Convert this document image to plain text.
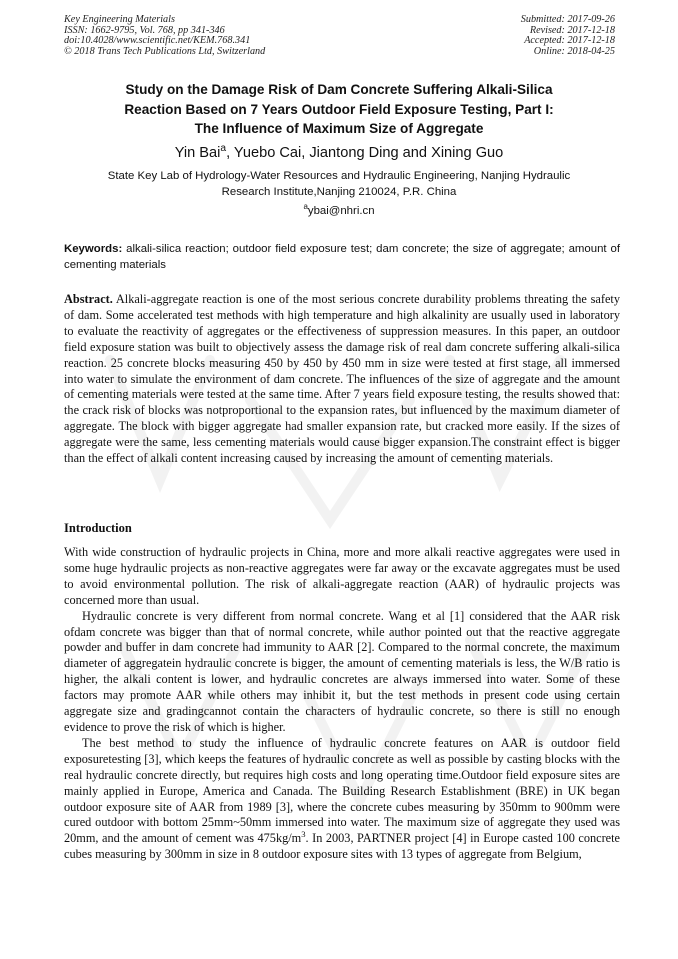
Key Engineering Materials
ISSN: 1662-9795, Vol. 768, pp 341-346
doi:10.4028/www.scientific.net/KEM.768.341
© 2018 Trans Tech Publications Ltd, Switzerland
Submitted: 2017-09-26
Revised: 2017-12-18
Accepted: 2017-12-18
Online: 2018-04-25
Study on the Damage Risk of Dam Concrete Suffering Alkali-Silica
Reaction Based on 7 Years Outdoor Field Exposure Testing, Part I:
The Influence of Maximum Size of Aggregate
Yin Bai$^a$, Yuebo Cai, Jiantong Ding and Xining Guo
State Key Lab of Hydrology-Water Resources and Hydraulic Engineering, Nanjing Hydraulic
Research Institute,Nanjing 210024, P.R. China
$^a$ybai@nhri.cn
Keywords: alkali-silica reaction; outdoor field exposure test; dam concrete; the size of aggregate; amount of cementing materials

Abstract. Alkali-aggregate reaction is one of the most serious concrete durability problems threating the safety of dam. Some accelerated test methods with high temperature and high alkalinity are usually used in laboratory to evaluate the reactivity of aggregates or the effectiveness of suppression measures. In this paper, an outdoor field exposure station was built to objectively assess the damage risk of real dam concrete suffering alkali-silica reaction. 25 concrete blocks measuring 450 by 450 by 450 mm in size were tested at first stage, all immersed into water to simulate the environment of dam concrete. The influences of the size of aggregate and the amount of cementing materials were tested at the same time. After 7 years field exposure testing, the results showed that: the crack risk of blocks was notproportional to the expansion rates, but influenced by the maximum diameter of aggregate. The block with bigger aggregate had smaller expansion rate, but cracked more easily. If the sizes of aggregate were the same, less cementing materials would cause bigger expansion.The constraint effect is bigger than the effect of alkali content increasing caused by increasing the amount of cementing materials.

Introduction

With wide construction of hydraulic projects in China, more and more alkali reactive aggregates were used in some huge hydraulic projects as non-reactive aggregates were far away or the excavate aggregates must be used to avoid environmental pollution. The risk of alkali-aggregate reaction (AAR) of hydraulic projects was concerned more than usual.

Hydraulic concrete is very different from normal concrete. Wang et al [1] considered that the AAR risk ofdam concrete was bigger than that of normal concrete, while author pointed out that the reactive aggregate powder and buffer in dam concrete had immunity to AAR [2]. Compared to the normal concrete, the maximum diameter of aggregatein hydraulic concrete is bigger, the amount of cementing materials is less, the W/B ratio is higher, the alkali content is lower, and hydraulic concretes are always immersed into water. Some of these factors may promote AAR while others may inhibit it, but the test methods in present code using certain aggregate size and gradingcannot contain the characters of hydraulic concrete, so there is still no enough evidence to prove the risk of which is higher.

The best method to study the influence of hydraulic concrete features on AAR is outdoor field exposuretesting [3], which keeps the features of hydraulic concrete as well as possible by casting blocks with the real hydraulic concrete directly, but requires high costs and long operating time.Outdoor field exposure sites are mainly applied in Europe, America and Canada. The Building Research Establishment (BRE) in UK began outdoor exposure site of AAR from 1989 [3], where the concrete cubes measuring by 350mm to 900mm were cured outdoor with bottom 25mm~50mm immersed into water. The maximum size of aggregate they used was 20mm, and the amount of cement was $475kg/m^3$. In 2003, PARTNER project [4] in Europe casted 100 concrete cubes measuring by 300mm in size in 8 outdoor exposure sites with 13 types of aggregate from Belgium,
